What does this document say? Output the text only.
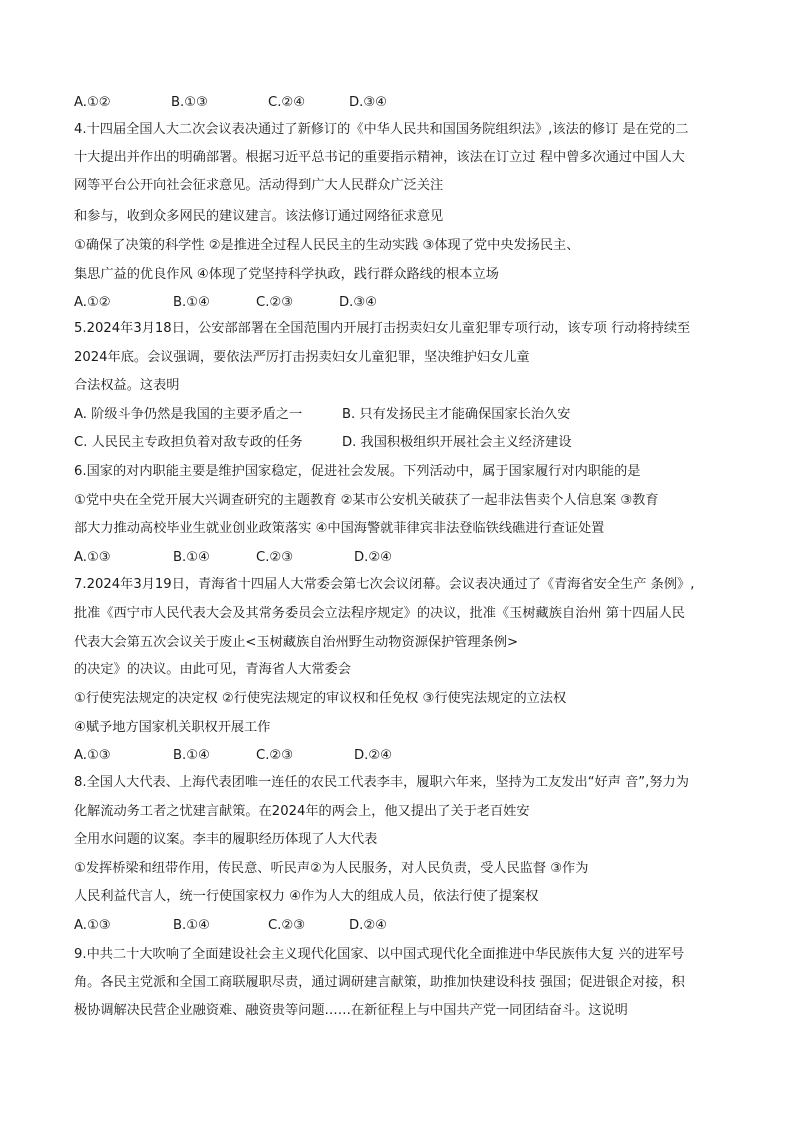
A.①②	B.①③	C.②④	D.③④
4.十四届全国人大二次会议表决通过了新修订的《中华人民共和国国务院组织法》,该法的修订 是在党的二
十大提出并作出的明确部署。根据习近平总书记的重要指示精神，该法在订立过 程中曾多次通过中国人大
网等平台公开向社会征求意见。活动得到广大人民群众广泛关注
和参与，收到众多网民的建议建言。该法修订通过网络征求意见
①确保了决策的科学性 ②是推进全过程人民民主的生动实践 ③体现了党中央发扬民主、
集思广益的优良作风 ④体现了党坚持科学执政，践行群众路线的根本立场
A.①②	B.①④	C.②③	D.③④
5.2024年3月18日，公安部部署在全国范围内开展打击拐卖妇女儿童犯罪专项行动，该专项 行动将持续至
2024年底。会议强调，要依法严厉打击拐卖妇女儿童犯罪，坚决维护妇女儿童
合法权益。这表明
A. 阶级斗争仍然是我国的主要矛盾之一	B. 只有发扬民主才能确保国家长治久安
C. 人民民主专政担负着对敌专政的任务	D. 我国积极组织开展社会主义经济建设
6.国家的对内职能主要是维护国家稳定，促进社会发展。下列活动中，属于国家履行对内职能的是
①党中央在全党开展大兴调查研究的主题教育 ②某市公安机关破获了一起非法售卖个人信息案 ③教育
部大力推动高校毕业生就业创业政策落实 ④中国海警就菲律宾非法登临铁线礁进行查证处置
A.①③	B.①④	C.②③	D.②④
7.2024年3月19日，青海省十四届人大常委会第七次会议闭幕。会议表决通过了《青海省安全生产 条例》,
批准《西宁市人民代表大会及其常务委员会立法程序规定》的决议，批准《玉树藏族自治州 第十四届人民
代表大会第五次会议关于废止<玉树藏族自治州野生动物资源保护管理条例>
的决定》的决议。由此可见，青海省人大常委会
①行使宪法规定的决定权 ②行使宪法规定的审议权和任免权 ③行使宪法规定的立法权
④赋予地方国家机关职权开展工作
A.①③	B.①④	C.②③	D.②④
8.全国人大代表、上海代表团唯一连任的农民工代表李丰，履职六年来，坚持为工友发出“好声 音”,努力为
化解流动务工者之忧建言献策。在2024年的两会上，他又提出了关于老百姓安
全用水问题的议案。李丰的履职经历体现了人大代表
①发挥桥梁和纽带作用，传民意、听民声②为人民服务，对人民负责，受人民监督 ③作为
人民利益代言人，统一行使国家权力 ④作为人大的组成人员，依法行使了提案权
A.①③	B.①④	C.②③	D.②④
9.中共二十大吹响了全面建设社会主义现代化国家、以中国式现代化全面推进中华民族伟大复 兴的进军号
角。各民主党派和全国工商联履职尽责，通过调研建言献策，助推加快建设科技 强国；促进银企对接，积
极协调解决民营企业融资难、融资贵等问题……在新征程上与中国共产党一同团结奋斗。这说明
